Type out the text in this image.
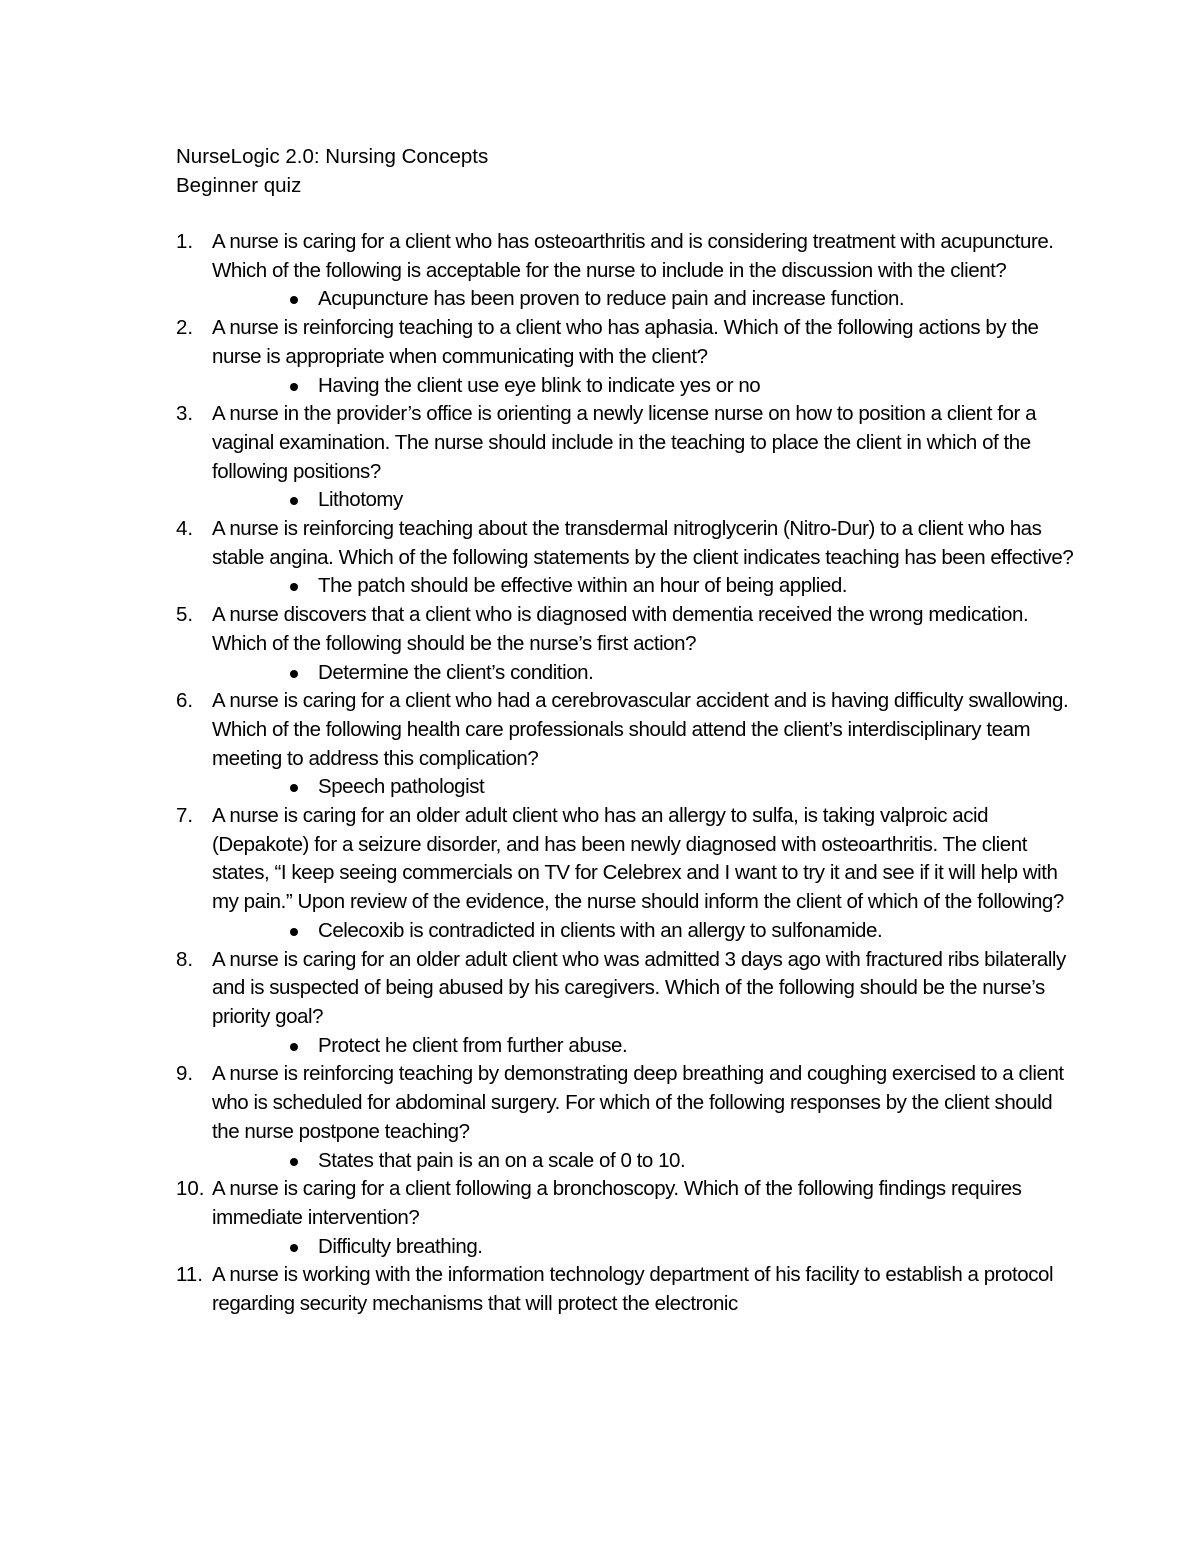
NurseLogic 2.0: Nursing Concepts

Beginner quiz

1. A nurse is caring for a client who has osteoarthritis and is considering treatment with acupuncture. Which of the following is acceptable for the nurse to include in the discussion with the client?

Acupuncture has been proven to reduce pain and increase function.
2. A nurse is reinforcing teaching to a client who has aphasia. Which of the following actions by the nurse is appropriate when communicating with the client?

Having the client use eye blink to indicate yes or no
3. A nurse in the provider’s office is orienting a newly license nurse on how to position a client for a vaginal examination. The nurse should include in the teaching to place the client in which of the following positions?

Lithotomy
4. A nurse is reinforcing teaching about the transdermal nitroglycerin (Nitro-Dur) to a client who has stable angina. Which of the following statements by the client indicates teaching has been effective?

The patch should be effective within an hour of being applied.
5. A nurse discovers that a client who is diagnosed with dementia received the wrong medication. Which of the following should be the nurse’s first action?

Determine the client’s condition.
6. A nurse is caring for a client who had a cerebrovascular accident and is having difficulty swallowing. Which of the following health care professionals should attend the client’s interdisciplinary team meeting to address this complication?

Speech pathologist
7. A nurse is caring for an older adult client who has an allergy to sulfa, is taking valproic acid (Depakote) for a seizure disorder, and has been newly diagnosed with osteoarthritis. The client states, “I keep seeing commercials on TV for Celebrex and I want to try it and see if it will help with my pain.” Upon review of the evidence, the nurse should inform the client of which of the following?

Celecoxib is contradicted in clients with an allergy to sulfonamide.
8. A nurse is caring for an older adult client who was admitted 3 days ago with fractured ribs bilaterally and is suspected of being abused by his caregivers. Which of the following should be the nurse’s priority goal?

Protect he client from further abuse.
9. A nurse is reinforcing teaching by demonstrating deep breathing and coughing exercised to a client who is scheduled for abdominal surgery. For which of the following responses by the client should the nurse postpone teaching?

States that pain is an on a scale of 0 to 10.
10. A nurse is caring for a client following a bronchoscopy. Which of the following findings requires immediate intervention?

Difficulty breathing.
11. A nurse is working with the information technology department of his facility to establish a protocol regarding security mechanisms that will protect the electronic
